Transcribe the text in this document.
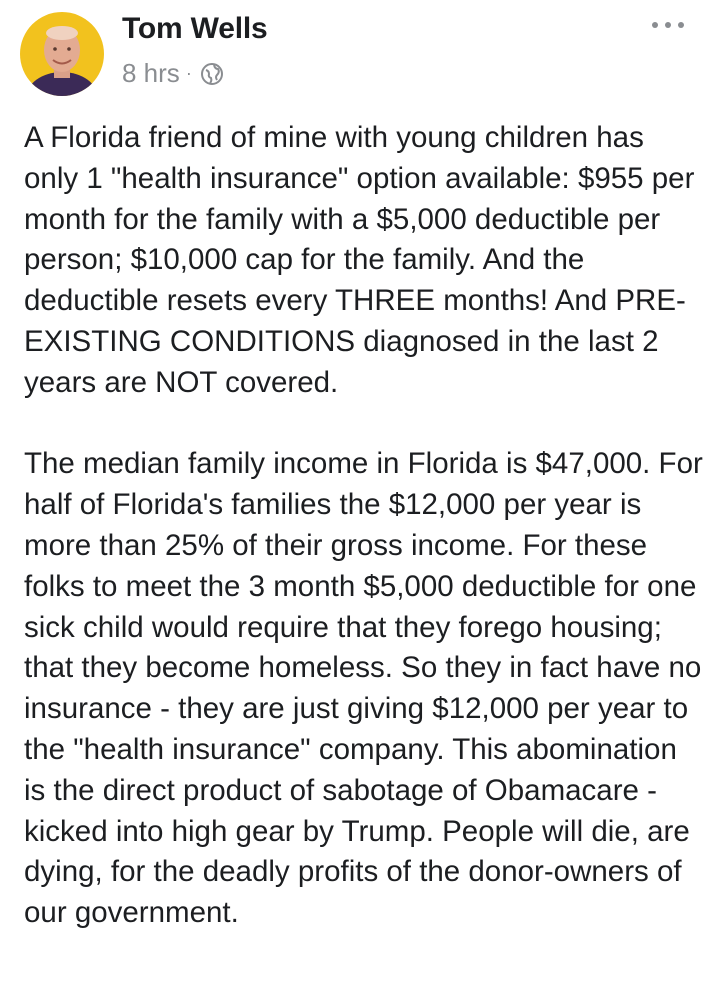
Tom Wells
8 hrs ·

A Florida friend of mine with young children has only 1 "health insurance" option available: $955 per month for the family with a $5,000 deductible per person; $10,000 cap for the family. And the deductible resets every THREE months! And PRE-EXISTING CONDITIONS diagnosed in the last 2 years are NOT covered.

The median family income in Florida is $47,000. For half of Florida's families the $12,000 per year is more than 25% of their gross income. For these folks to meet the 3 month $5,000 deductible for one sick child would require that they forego housing; that they become homeless. So they in fact have no insurance - they are just giving $12,000 per year to the "health insurance" company. This abomination is the direct product of sabotage of Obamacare - kicked into high gear by Trump. People will die, are dying, for the deadly profits of the donor-owners of our government.
